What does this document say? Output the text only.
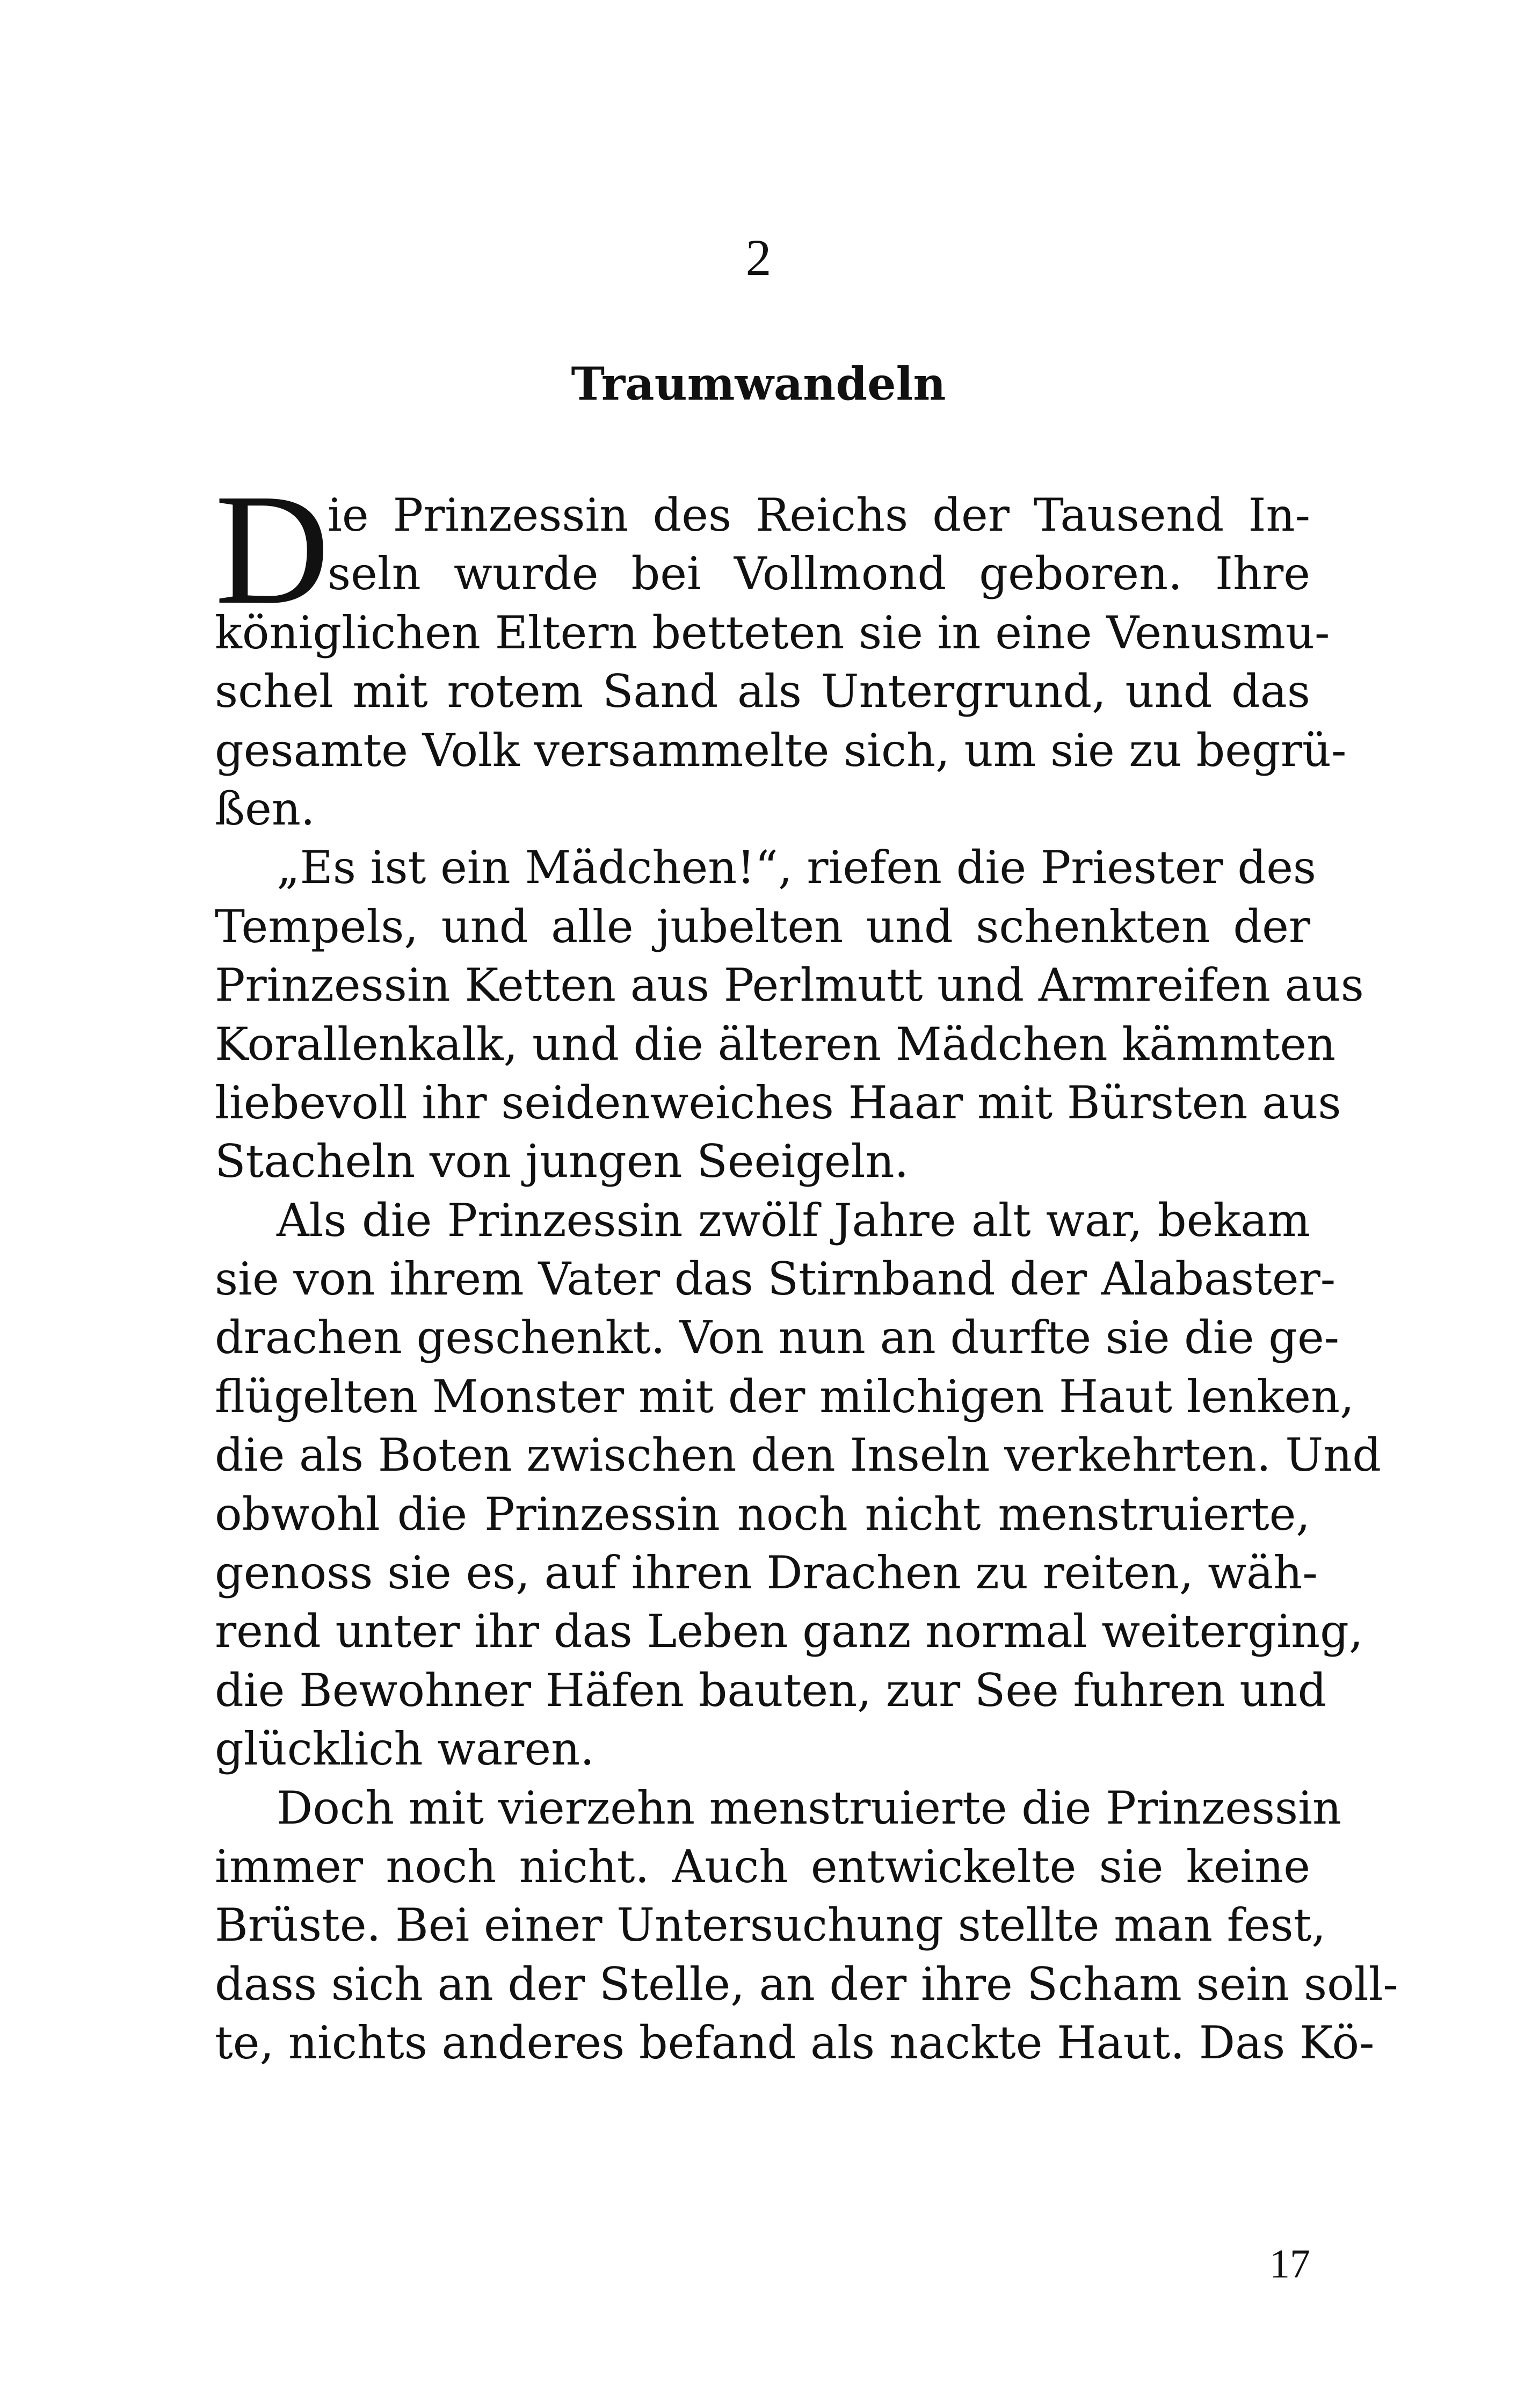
2
Traumwandeln
D
ie Prinzessin des Reichs der Tausend In-
seln wurde bei Vollmond geboren. Ihre
königlichen Eltern betteten sie in eine Venusmu-
schel mit rotem Sand als Untergrund, und das
gesamte Volk versammelte sich, um sie zu begrü-
ßen.
„Es ist ein Mädchen!“, riefen die Priester des
Tempels, und alle jubelten und schenkten der
Prinzessin Ketten aus Perlmutt und Armreifen aus
Korallenkalk, und die älteren Mädchen kämmten
liebevoll ihr seidenweiches Haar mit Bürsten aus
Stacheln von jungen Seeigeln.
Als die Prinzessin zwölf Jahre alt war, bekam
sie von ihrem Vater das Stirnband der Alabaster-
drachen geschenkt. Von nun an durfte sie die ge-
flügelten Monster mit der milchigen Haut lenken,
die als Boten zwischen den Inseln verkehrten. Und
obwohl die Prinzessin noch nicht menstruierte,
genoss sie es, auf ihren Drachen zu reiten, wäh-
rend unter ihr das Leben ganz normal weiterging,
die Bewohner Häfen bauten, zur See fuhren und
glücklich waren.
Doch mit vierzehn menstruierte die Prinzessin
immer noch nicht. Auch entwickelte sie keine
Brüste. Bei einer Untersuchung stellte man fest,
dass sich an der Stelle, an der ihre Scham sein soll-
te, nichts anderes befand als nackte Haut. Das Kö-
17
